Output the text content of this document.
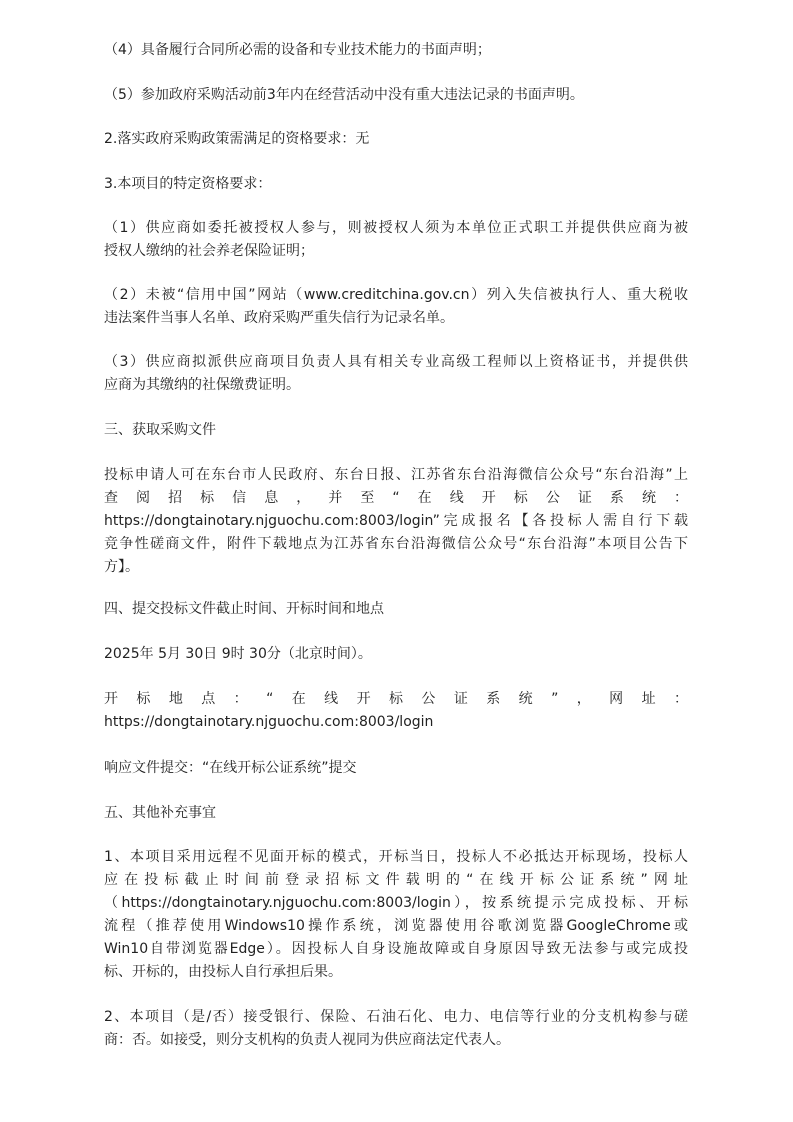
（4）具备履行合同所必需的设备和专业技术能力的书面声明；

（5）参加政府采购活动前3年内在经营活动中没有重大违法记录的书面声明。

2.落实政府采购政策需满足的资格要求：无

3.本项目的特定资格要求：

（1）供应商如委托被授权人参与，则被授权人须为本单位正式职工并提供供应商为被
授权人缴纳的社会养老保险证明；

（2）未被“信用中国”网站（www.creditchina.gov.cn）列入失信被执行人、重大税收
违法案件当事人名单、政府采购严重失信行为记录名单。

（3）供应商拟派供应商项目负责人具有相关专业高级工程师以上资格证书，并提供供
应商为其缴纳的社保缴费证明。

三、获取采购文件

投标申请人可在东台市人民政府、东台日报、江苏省东台沿海微信公众号“东台沿海”上
查阅招标信息，并至“在线开标公证系统：
https://dongtainotary.njguochu.com:8003/login”完成报名【各投标人需自行下载
竞争性磋商文件，附件下载地点为江苏省东台沿海微信公众号“东台沿海”本项目公告下
方】。

四、提交投标文件截止时间、开标时间和地点

2025年 5月 30日 9时 30分（北京时间）。

开标地点：“在线开标公证系统”，网址：
https://dongtainotary.njguochu.com:8003/login

响应文件提交：“在线开标公证系统”提交

五、其他补充事宜

1、本项目采用远程不见面开标的模式，开标当日，投标人不必抵达开标现场，投标人
应在投标截止时间前登录招标文件载明的“在线开标公证系统”网址
（https://dongtainotary.njguochu.com:8003/login），按系统提示完成投标、开标
流程（推荐使用Windows10操作系统，浏览器使用谷歌浏览器GoogleChrome或
Win10自带浏览器Edge）。因投标人自身设施故障或自身原因导致无法参与或完成投
标、开标的，由投标人自行承担后果。

2、本项目（是/否）接受银行、保险、石油石化、电力、电信等行业的分支机构参与磋
商：否。如接受，则分支机构的负责人视同为供应商法定代表人。
